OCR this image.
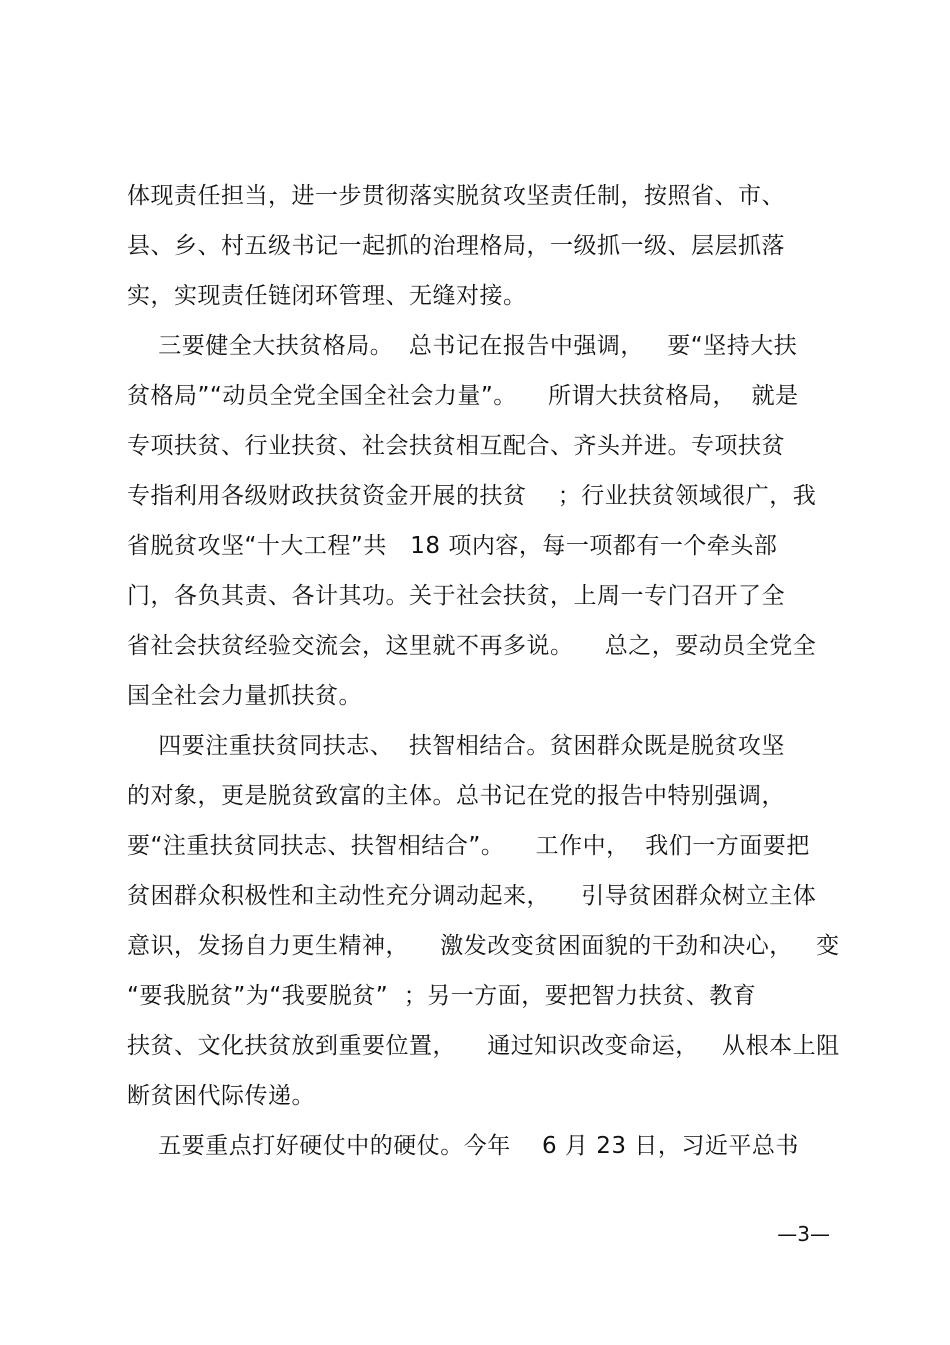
体现责任担当，进一步贯彻落实脱贫攻坚责任制，按照省、市、
县、乡、村五级书记一起抓的治理格局，一级抓一级、层层抓落
实，实现责任链闭环管理、无缝对接。
三要健全大扶贫格局。  总书记在报告中强调，   要“坚持大扶
贫格局”“动员全党全国全社会力量”。    所谓大扶贫格局，  就是
专项扶贫、行业扶贫、社会扶贫相互配合、齐头并进。专项扶贫
专指利用各级财政扶贫资金开展的扶贫    ；行业扶贫领域很广，我
省脱贫攻坚“十大工程”共   18 项内容，每一项都有一个牵头部
门，各负其责、各计其功。关于社会扶贫，上周一专门召开了全
省社会扶贫经验交流会，这里就不再多说。    总之，要动员全党全
国全社会力量抓扶贫。
四要注重扶贫同扶志、  扶智相结合。贫困群众既是脱贫攻坚
的对象，更是脱贫致富的主体。总书记在党的报告中特别强调，
要“注重扶贫同扶志、扶智相结合”。    工作中，  我们一方面要把
贫困群众积极性和主动性充分调动起来，    引导贫困群众树立主体
意识，发扬自力更生精神，    激发改变贫困面貌的干劲和决心，   变
“要我脱贫”为“我要脱贫”  ；另一方面，要把智力扶贫、教育
扶贫、文化扶贫放到重要位置，    通过知识改变命运，   从根本上阻
断贫困代际传递。
五要重点打好硬仗中的硬仗。今年    6 月 23 日，习近平总书
—3—
